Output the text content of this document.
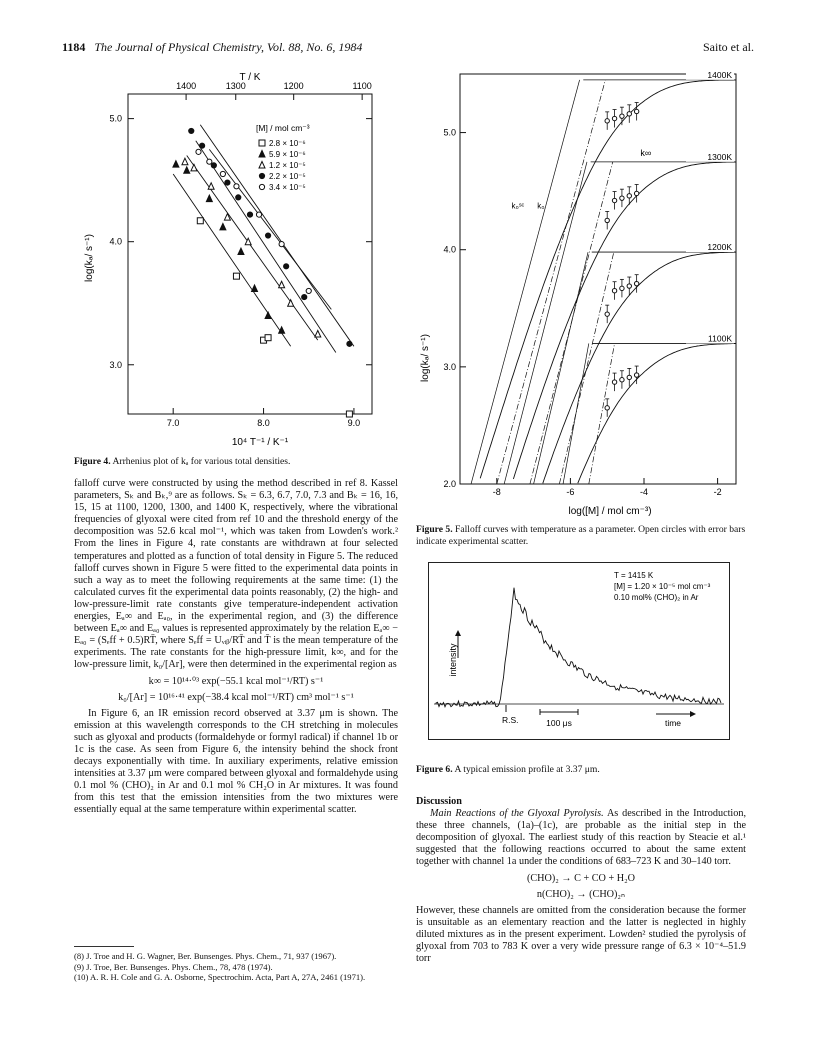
1184 The Journal of Physical Chemistry, Vol. 88, No. 6, 1984	Saito et al.
T / K
10⁴ T⁻¹ / K⁻¹
log(kₐ/ s⁻¹)
[M] / mol cm⁻³
7.0	8.0	9.0
3.0
4.0
5.0
1400	1300	1200	1100
2.8 × 10⁻⁶
5.9 × 10⁻⁶
1.2 × 10⁻⁵
2.2 × 10⁻⁵
3.4 × 10⁻⁵
Figure 4. Arrhenius plot of kₐ for various total densities.
log([M] / mol cm⁻³)
log(kₐ/ s⁻¹)
-8	-6	-4	-2
2.0
3.0
4.0
5.0
1400K
1300K
1200K
1100K
k∞
k₀ˢᶜ k₀
Figure 5. Falloff curves with temperature as a parameter. Open circles with error bars indicate experimental scatter.
intensity
T = 1415 K
[M] = 1.20 × 10⁻⁵ mol cm⁻³
0.10 mol% (CHO)₂ in Ar
R.S.	100 μs	time
Figure 6. A typical emission profile at 3.37 μm.

falloff curve were constructed by using the method described in ref 8. Kassel parameters, Sₖ and Bₖ,⁹ are as follows. Sₖ = 6.3, 6.7, 7.0, 7.3 and Bₖ = 16, 16, 15, 15 at 1100, 1200, 1300, and 1400 K, respectively, where the vibrational frequencies of glyoxal were cited from ref 10 and the threshold energy of the decomposition was 52.6 kcal mol⁻¹, which was taken from Lowden's work.² From the lines in Figure 4, rate constants are withdrawn at four selected temperatures and plotted as a function of total density in Figure 5. The reduced falloff curves shown in Figure 5 were fitted to the experimental data points in such a way as to meet the following requirements at the same time: (1) the calculated curves fit the experimental data points reasonably, (2) the high- and low-pressure-limit rate constants give temperature-independent activation energies, Eₐ∞ and Eₐ₀, in the experimental region, and (3) the difference between Eₐ∞ and Eₐ₀ values is represented approximately by the relation Eₐ∞ − Eₐ₀ = (Sₑff + 0.5)RT̄, where Sₑff = Uᵥᵢᵦ/RT̄ and T̄ is the mean temperature of the experiments. The rate constants for the high-pressure limit, k∞, and for the low-pressure limit, k₀/[Ar], were then determined in the experimental region as

k∞ = 10¹⁴·⁰³ exp(−55.1 kcal mol⁻¹/RT) s⁻¹
k₀/[Ar] = 10¹⁶·⁴¹ exp(−38.4 kcal mol⁻¹/RT) cm³ mol⁻¹ s⁻¹

In Figure 6, an IR emission record observed at 3.37 μm is shown. The emission at this wavelength corresponds to the CH stretching in molecules such as glyoxal and products (formaldehyde or formyl radical) if channel 1b or 1c is the case. As seen from Figure 6, the intensity behind the shock front decays exponentially with time. In auxiliary experiments, relative emission intensities at 3.37 μm were compared between glyoxal and formaldehyde using 0.1 mol % (CHO)₂ in Ar and 0.1 mol % CH₂O in Ar mixtures. It was found from this test that the emission intensities from the two mixtures were essentially equal at the same temperature within experimental scatter.

(8) J. Troe and H. G. Wagner, Ber. Bunsenges. Phys. Chem., 71, 937 (1967).
(9) J. Troe, Ber. Bunsenges. Phys. Chem., 78, 478 (1974).
(10) A. R. H. Cole and G. A. Osborne, Spectrochim. Acta, Part A, 27A, 2461 (1971).
Discussion

Main Reactions of the Glyoxal Pyrolysis. As described in the Introduction, these three channels, (1a)–(1c), are probable as the initial step in the decomposition of glyoxal. The earliest study of this reaction by Steacie et al.¹ suggested that the following reactions occurred to about the same extent together with channel 1a under the conditions of 683–723 K and 30–140 torr.

(CHO)₂ → C + CO + H₂O
n(CHO)₂ → (CHO)₂ₙ

However, these channels are omitted from the consideration because the former is unsuitable as an elementary reaction and the latter is neglected in highly diluted mixtures as in the present experiment. Lowden² studied the pyrolysis of glyoxal from 703 to 783 K over a very wide pressure range of 6.3 × 10⁻⁴–51.9 torr
